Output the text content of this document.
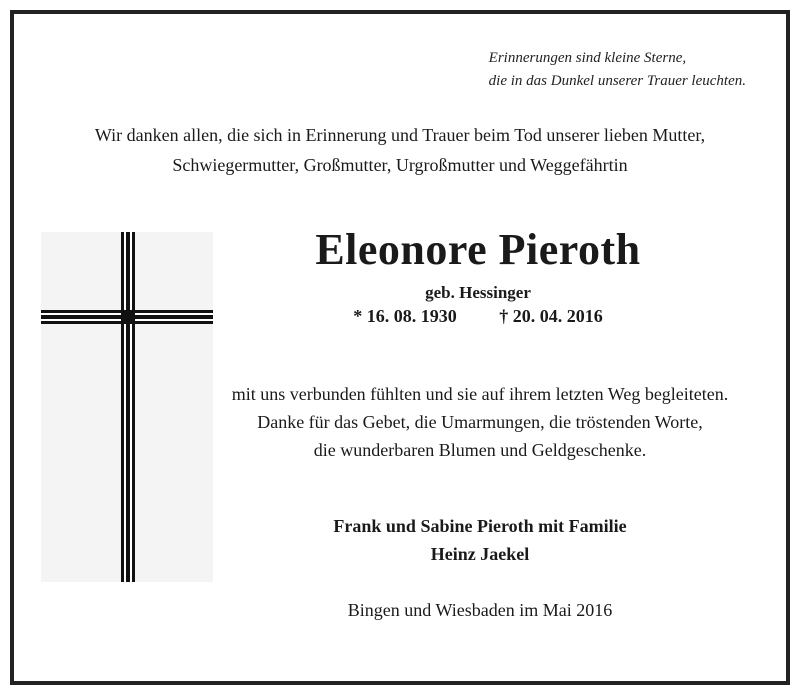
Erinnerungen sind kleine Sterne,
die in das Dunkel unserer Trauer leuchten.
Wir danken allen, die sich in Erinnerung und Trauer beim Tod unserer lieben Mutter,
Schwiegermutter, Großmutter, Urgroßmutter und Weggefährtin
Eleonore Pieroth
geb. Hessinger
* 16. 08. 1930 † 20. 04. 2016
mit uns verbunden fühlten und sie auf ihrem letzten Weg begleiteten.
Danke für das Gebet, die Umarmungen, die tröstenden Worte,
die wunderbaren Blumen und Geldgeschenke.
Frank und Sabine Pieroth mit Familie
Heinz Jaekel
Bingen und Wiesbaden im Mai 2016
